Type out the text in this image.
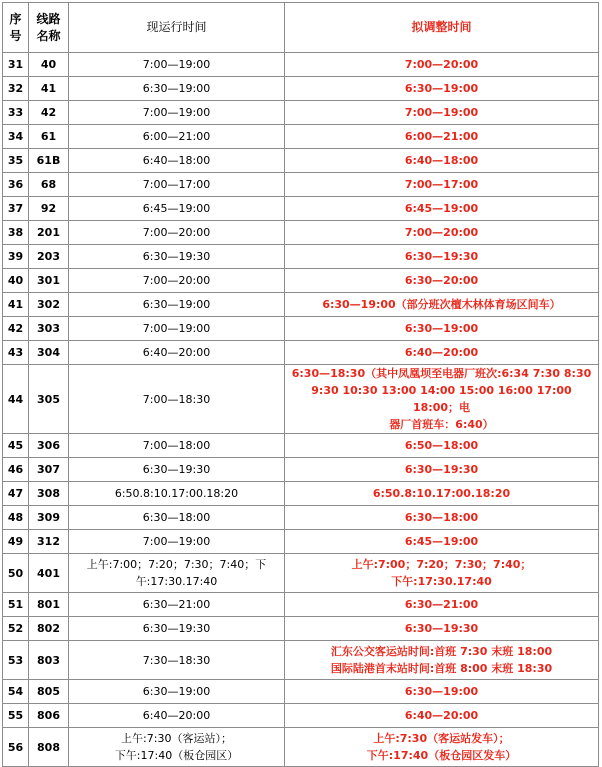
序
号	线路
名称	现运行时间	拟调整时间
31	40	7:00—19:00	7:00—20:00

32	41	6:30—19:00	6:30—19:00

33	42	7:00—19:00	7:00—19:00

34	61	6:00—21:00	6:00—21:00

35	61B	6:40—18:00	6:40—18:00

36	68	7:00—17:00	7:00—17:00

37	92	6:45—19:00	6:45—19:00

38	201	7:00—20:00	7:00—20:00

39	203	6:30—19:30	6:30—19:30

40	301	7:00—20:00	6:30—20:00

41	302	6:30—19:00	6:30—19:00（部分班次檀木林体育场区间车）

42	303	7:00—19:00	6:30—19:00

43	304	6:40—20:00	6:40—20:00

44	305	7:00—18:30	6:30—18:30（其中凤凰坝至电器厂班次:6:34 7:30 8:30
9:30 10:30 13:00 14:00 15:00 16:00 17:00 18:00；电
器厂首班车：6:40）

45	306	7:00—18:00	6:50—18:00

46	307	6:30—19:30	6:30—19:30

47	308	6:50.8:10.17:00.18:20	6:50.8:10.17:00.18:20

48	309	6:30—18:00	6:30—18:00

49	312	7:00—19:00	6:45—19:00

50	401	上午:7:00；7:20；7:30；7:40；下
午:17:30.17:40	上午:7:00；7:20；7:30；7:40；
下午:17:30.17:40

51	801	6:30—21:00	6:30—21:00

52	802	6:30—19:30	6:30—19:30

53	803	7:30—18:30	汇东公交客运站时间:首班 7:30 末班 18:00
国际陆港首末站时间:首班 8:00 末班 18:30

54	805	6:30—19:00	6:30—19:00

55	806	6:40—20:00	6:40—20:00

56	808	上午:7:30（客运站）；
下午:17:40（板仓园区）	上午:7:30（客运站发车）；
下午:17:40（板仓园区发车）
